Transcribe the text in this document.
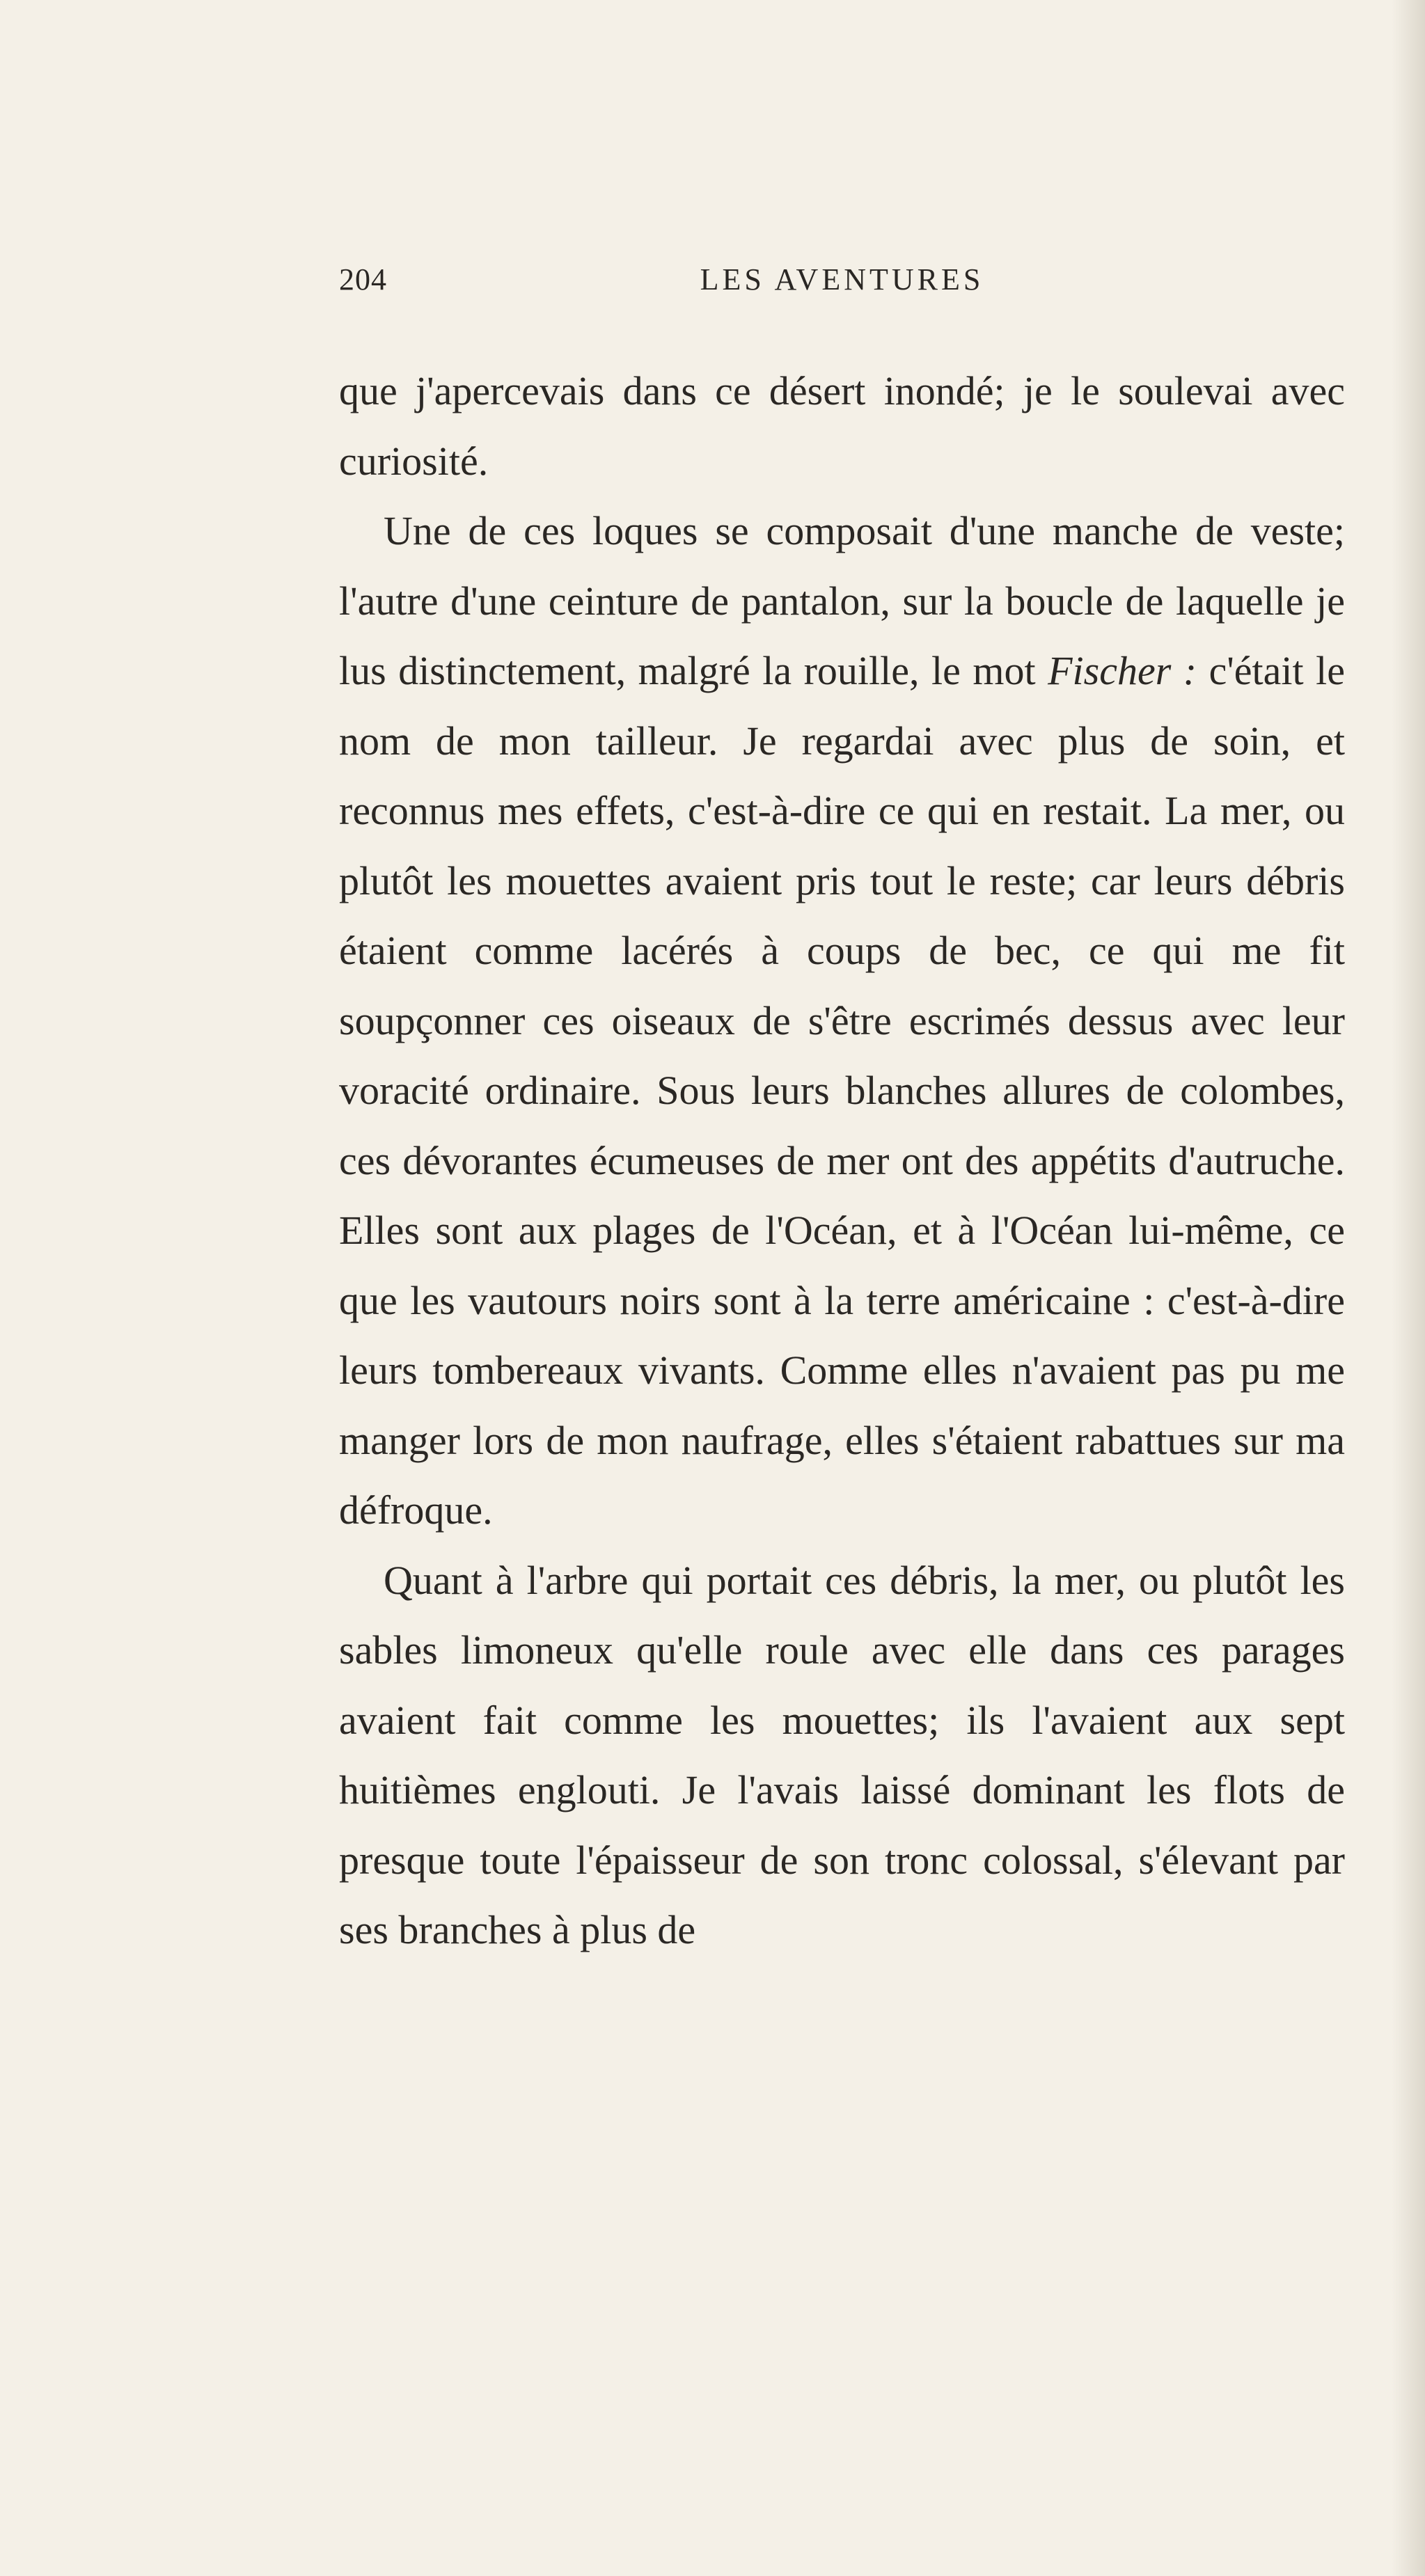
204	LES AVENTURES

que j'apercevais dans ce désert inondé; je le soulevai avec curiosité.

Une de ces loques se composait d'une manche de veste; l'autre d'une ceinture de pantalon, sur la boucle de laquelle je lus distinctement, malgré la rouille, le mot Fischer : c'était le nom de mon tailleur. Je regardai avec plus de soin, et reconnus mes effets, c'est-à-dire ce qui en restait. La mer, ou plutôt les mouettes avaient pris tout le reste; car leurs débris étaient comme lacérés à coups de bec, ce qui me fit soupçonner ces oiseaux de s'être escrimés dessus avec leur voracité ordinaire. Sous leurs blanches allures de colombes, ces dévorantes écumeuses de mer ont des appétits d'autruche. Elles sont aux plages de l'Océan, et à l'Océan lui-même, ce que les vautours noirs sont à la terre américaine : c'est-à-dire leurs tombereaux vivants. Comme elles n'avaient pas pu me manger lors de mon naufrage, elles s'étaient rabattues sur ma défroque.

Quant à l'arbre qui portait ces débris, la mer, ou plutôt les sables limoneux qu'elle roule avec elle dans ces parages avaient fait comme les mouettes; ils l'avaient aux sept huitièmes englouti. Je l'avais laissé dominant les flots de presque toute l'épaisseur de son tronc colossal, s'élevant par ses branches à plus de
